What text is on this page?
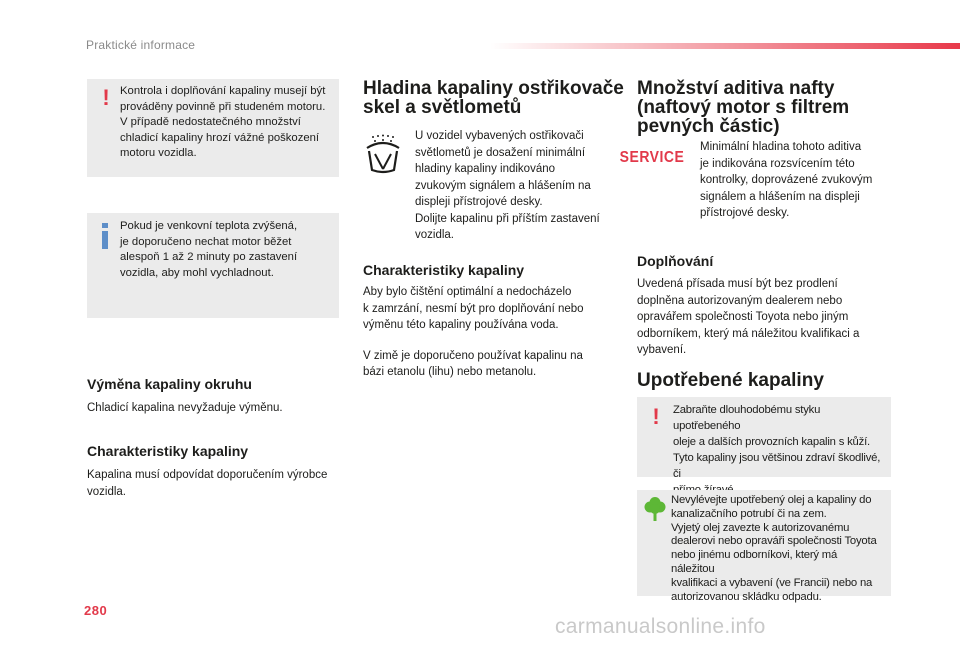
Praktické informace
! Kontrola i doplňování kapaliny musejí být

prováděny povinně při studeném motoru.

V případě nedostatečného množství

chladicí kapaliny hrozí vážné poškození

motoru vozidla.

Pokud je venkovní teplota zvýšená,

je doporučeno nechat motor běžet

alespoň 1 až 2 minuty po zastavení

vozidla, aby mohl vychladnout.

Výměna kapaliny okruhu

Chladicí kapalina nevyžaduje výměnu.

Charakteristiky kapaliny

Kapalina musí odpovídat doporučením výrobce
vozidla.

Hladina kapaliny ostřikovače
skel a světlometů

U vozidel vybavených ostřikovači
světlometů je dosažení minimální
hladiny kapaliny indikováno
zvukovým signálem a hlášením na
displeji přístrojové desky.
Dolijte kapalinu při příštím zastavení
vozidla.

Charakteristiky kapaliny

Aby bylo čištění optimální a nedocházelo
k zamrzání, nesmí být pro doplňování nebo
výměnu této kapaliny používána voda.

V zimě je doporučeno používat kapalinu na
bázi etanolu (lihu) nebo metanolu.

Množství aditiva nafty
(naftový motor s filtrem
pevných částic)
SERVICE	Minimální hladina tohoto aditiva
je indikována rozsvícením této
kontrolky, doprovázené zvukovým
signálem a hlášením na displeji
přístrojové desky.

Doplňování

Uvedená přísada musí být bez prodlení
doplněna autorizovaným dealerem nebo
opravářem společnosti Toyota nebo jiným
odborníkem, který má náležitou kvalifikaci a
vybavení.

Upotřebené kapaliny
! Zabraňte dlouhodobému styku upotřebeného

oleje a dalších provozních kapalin s kůží.

Tyto kapaliny jsou většinou zdraví škodlivé, či

Nevylévejte upotřebený olej a kapaliny do

kanalizačního potrubí či na zem.

Vyjetý olej zavezte k autorizovanému

dealerovi nebo opraváři společnosti Toyota

nebo jinému odborníkovi, který má náležitou

kvalifikaci a vybavení (ve Francii) nebo na

autorizovanou skládku odpadu.

280
carmanualsonline.info
